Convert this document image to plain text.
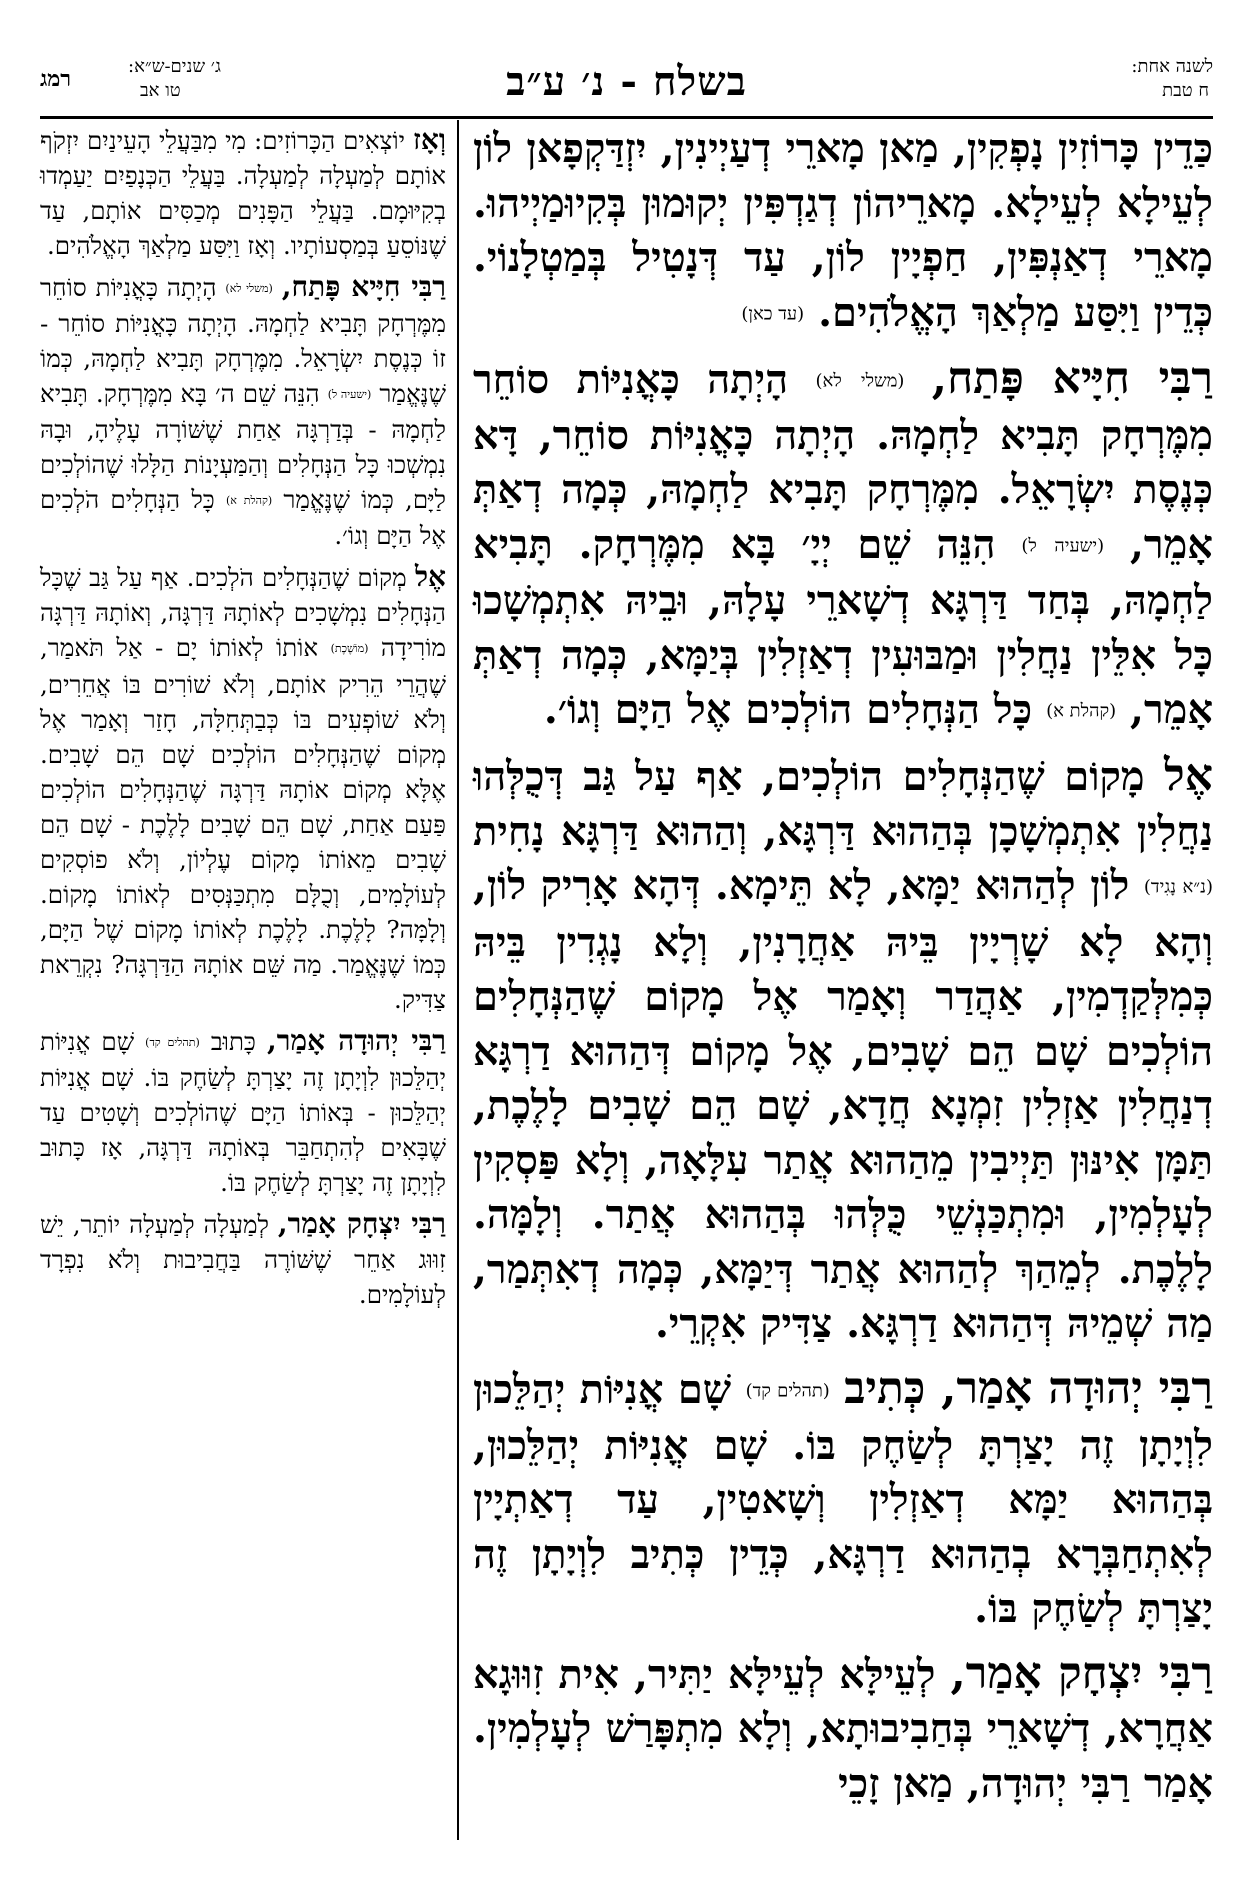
לשנה אחת:
ח טבת
בשלח - נ׳ ע״ב
ג׳ שנים-ש״א:
טו אב
רמג

כַּדֵין כָּרוֹזִין נָפְקִין, מַאן מָארֵי דְעַיְינִין, יִזְדַּקְפָאן לוֹן לְעֵילָא לְעֵילָא. מָארֵיהוֹן דְגַדְפִּין יְקוּמוּן בְּקִיוּמַיְיהוּ. מָארֵי דְאַנְפִּין, חַפְיָין לוֹן, עַד דְּנָטִיל בְּמַטְלָנוֹי. כְּדֵין וַיִּסַּע מַלְאַךְ הָאֱלֹהִים. (עד כאן)

רַבִּי חִיָּיא פָּתַח, (משלי לא) הָיְתָה כָּאֳנִיּוֹת סוֹחֵר מִמֶּרְחָק תָּבִיא לַחְמָהּ. הָיְתָה כָּאֳנִיּוֹת סוֹחֵר, דָּא כְּנֶסֶת יִשְׂרָאֵל. מִמֶּרְחָק תָּבִיא לַחְמָהּ, כְּמָה דְאַתְּ אָמֵר, (ישעיה ל) הִנֵּה שֵׁם יְיָ׳ בָּא מִמֶּרְחָק. תָּבִיא לַחְמָהּ, בְּחַד דַּרְגָּא דְשָׁארֵי עָלָהּ, וּבֵיהּ אִתְמְשָׁכוּ כָּל אִלֵּין נַחֲלִין וּמַבּוּעִין דְאַזְלִין בְּיַמָּא, כְּמָה דְאַתְּ אָמֵר, (קהלת א) כָּל הַנְּחָלִים הוֹלְכִים אֶל הַיָּם וְגוֹ׳.

אֶל מָקוֹם שֶׁהַנְּחָלִים הוֹלְכִים, אַף עַל גַּב דְּכֻלְּהוּ נַחֲלִין אִתְמְשָׁכָן בְּהַהוּא דַּרְגָּא, וְהַהוּא דַּרְגָּא נָחִית (נ״א נָגִיד) לוֹן לְהַהוּא יַמָּא, לָא תֵּימָא. דְּהָא אָרִיק לוֹן, וְהָא לָא שָׁרְיָין בֵּיהּ אַחֲרָנִין, וְלָא נָגְדִין בֵּיהּ כְּמִלְּקַדְמִין, אַהֲדַר וְאָמַר אֶל מָקוֹם שֶׁהַנְּחָלִים הוֹלְכִים שָׁם הֵם שָׁבִים, אֶל מָקוֹם דְּהַהוּא דַרְגָּא דְנַחֲלִין אַזְלִין זִמְנָא חֲדָא, שָׁם הֵם שָׁבִים לָלֶכֶת, תַּמָּן אִינּוּן תַּיְיבִין מֵהַהוּא אֲתַר עִלָּאָה, וְלָא פַּסְקִין לְעָלְמִין, וּמִתְכַּנְשֵׁי כֻּלְּהוּ בְּהַהוּא אֲתַר. וְלָמָּה. לָלֶכֶת. לְמֵהַךְ לְהַהוּא אֲתַר דְּיַמָּא, כְּמָה דְאִתְּמַר, מַה שְׁמֵיהּ דְּהַהוּא דַרְגָּא. צַדִּיק אִקְרֵי.

רַבִּי יְהוּדָה אָמַר, כְּתִיב (תהלים קד) שָׁם אֳנִיּוֹת יְהַלֵּכוּן לִוְיָתָן זֶה יָצַרְתָּ לְשַׂחֶק בּוֹ. שָׁם אֳנִיּוֹת יְהַלֵּכוּן, בְּהַהוּא יַמָּא דְאַזְלִין וְשָׁאטִין, עַד דְאַתְיָין לְאִתְחַבְּרָא בְהַהוּא דַרְגָּא, כְּדֵין כְּתִיב לִוְיָתָן זֶה יָצַרְתָּ לְשַׂחֶק בּוֹ.

רַבִּי יִצְחָק אָמַר, לְעֵילָּא לְעֵילָּא יַתִּיר, אִית זִוּוּגָא אַחֲרָא, דְשָׁארֵי בְּחַבִיבוּתָא, וְלָא מִתְפָּרַשׁ לְעָלְמִין. אָמַר רַבִּי יְהוּדָה, מַאן זָכֵי

וְאָז יוֹצְאִים הַכָּרוֹזִים: מִי מִבַּעֲלֵי הָעֵינַיִם יִזְקֹף אוֹתָם לְמַעְלָה לְמַעְלָה. בַּעֲלֵי הַכְּנָפַיִם יַעַמְדוּ בְקִיּוּמָם. בַּעֲלֵי הַפָּנִים מְכַסִּים אוֹתָם, עַד שֶׁנּוֹסֵעַ בְּמַסְעוֹתָיו. וְאָז וַיִּסַּע מַלְאַךְ הָאֱלֹהִים.

רַבִּי חִיָּיא פָּתַח, (משלי לא) הָיְתָה כָּאֳנִיּוֹת סוֹחֵר מִמֶּרְחָק תָּבִיא לַחְמָהּ. הָיְתָה כָּאֳנִיּוֹת סוֹחֵר - זוֹ כְּנֶסֶת יִשְׂרָאֵל. מִמֶּרְחָק תָּבִיא לַחְמָהּ, כְּמוֹ שֶׁנֶּאֱמַר (ישעיה ל) הִנֵּה שֵׁם ה׳ בָּא מִמֶּרְחָק. תָּבִיא לַחְמָהּ - בְּדַרְגָּה אַחַת שֶׁשּׁוֹרָה עָלֶיהָ, וּבָהּ נִמְשְׁכוּ כָּל הַנְּחָלִים וְהַמַּעְיָנוֹת הַלָּלוּ שֶׁהוֹלְכִים לַיָּם, כְּמוֹ שֶׁנֶּאֱמַר (קהלת א) כָּל הַנְּחָלִים הֹלְכִים אֶל הַיָּם וְגוֹ׳.

אֶל מְקוֹם שֶׁהַנְּחָלִים הֹלְכִים. אַף עַל גַּב שֶׁכָּל הַנְּחָלִים נִמְשָׁכִים לְאוֹתָהּ דַּרְגָּה, וְאוֹתָהּ דַּרְגָּה מוֹרִידָה (מוֹשֶׁכֶת) אוֹתוֹ לְאוֹתוֹ יָם - אַל תֹּאמַר, שֶׁהֲרֵי הֵרִיק אוֹתָם, וְלֹא שׁוֹרִים בּוֹ אֲחֵרִים, וְלֹא שׁוֹפְעִים בּוֹ כְּבַתְּחִלָּה, חָזַר וְאָמַר אֶל מְקוֹם שֶׁהַנְּחָלִים הוֹלְכִים שָׁם הֵם שָׁבִים. אֶלָּא מְקוֹם אוֹתָהּ דַּרְגָּה שֶׁהַנְּחָלִים הוֹלְכִים פַּעַם אַחַת, שָׁם הֵם שָׁבִים לָלֶכֶת - שָׁם הֵם שָׁבִים מֵאוֹתוֹ מָקוֹם עֶלְיוֹן, וְלֹא פוֹסְקִים לְעוֹלָמִים, וְכֻלָּם מִתְכַּנְּסִים לְאוֹתוֹ מָקוֹם. וְלָמָּה? לָלֶכֶת. לָלֶכֶת לְאוֹתוֹ מָקוֹם שֶׁל הַיָּם, כְּמוֹ שֶׁנֶּאֱמַר. מַה שֵּׁם אוֹתָהּ הַדַּרְגָּה? נִקְרֵאת צַדִּיק.

רַבִּי יְהוּדָה אָמַר, כָּתוּב (תהלים קד) שָׁם אֳנִיּוֹת יְהַלֵּכוּן לִוְיָתָן זֶה יָצַרְתָּ לְשַׂחֶק בּוֹ. שָׁם אֳנִיּוֹת יְהַלֵּכוּן - בְּאוֹתוֹ הַיָּם שֶׁהוֹלְכִים וְשָׁטִים עַד שֶׁבָּאִים לְהִתְחַבֵּר בְּאוֹתָהּ דַּרְגָּה, אָז כָּתוּב לִוְיָתָן זֶה יָצַרְתָּ לְשַׂחֶק בּוֹ.

רַבִּי יִצְחָק אָמַר, לְמַעְלָה לְמַעְלָה יוֹתֵר, יֵשׁ זִוּוּג אַחֵר שֶׁשּׁוֹרֶה בַּחֲבִיבוּת וְלֹא נִפְרָד לְעוֹלָמִים.
